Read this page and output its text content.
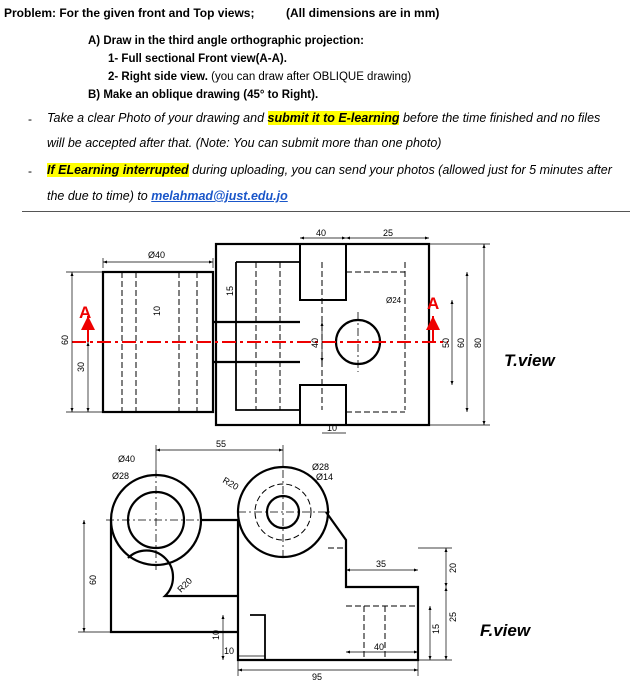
Problem: For the given front and Top views;	(All dimensions are in mm)
A) Draw in the third angle orthographic projection:
1- Full sectional Front view(A-A).
2- Right side view. (you can draw after OBLIQUE drawing)
B) Make an oblique drawing (45° to Right).
- Take a clear Photo of your drawing and submit it to E-learning before the time finished and no files
will be accepted after that. (Note: You can submit more than one photo)
- If ELearning interrupted during uploading, you can send your photos (allowed just for 5 minutes after
the due to time) to melahmad@just.edu.jo
Ø40
40	25
Ø24
60
30
10
15
40	50 60 80
10
A	A
T.view
55
Ø40
Ø28	R20
Ø28
Ø14
R20
60
10
10
35	20
15
25
40
95
F.view
